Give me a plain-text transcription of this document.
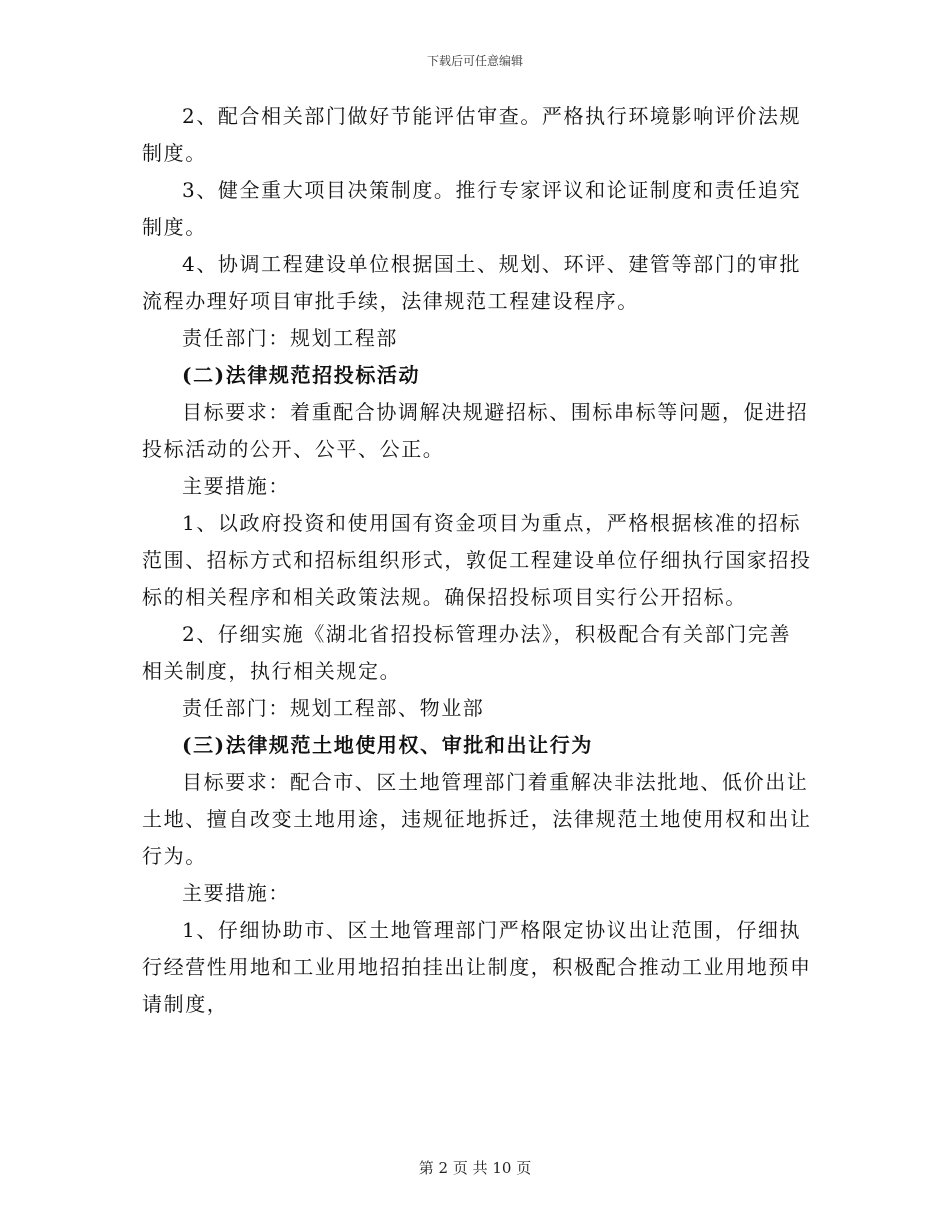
下载后可任意编辑

2、配合相关部门做好节能评估审查。严格执行环境影响评价法规制度。

3、健全重大项目决策制度。推行专家评议和论证制度和责任追究制度。

4、协调工程建设单位根据国土、规划、环评、建管等部门的审批流程办理好项目审批手续，法律规范工程建设程序。

责任部门：规划工程部

(二)法律规范招投标活动

目标要求：着重配合协调解决规避招标、围标串标等问题，促进招投标活动的公开、公平、公正。

主要措施：

1、以政府投资和使用国有资金项目为重点，严格根据核准的招标范围、招标方式和招标组织形式，敦促工程建设单位仔细执行国家招投标的相关程序和相关政策法规。确保招投标项目实行公开招标。

2、仔细实施《湖北省招投标管理办法》，积极配合有关部门完善相关制度，执行相关规定。

责任部门：规划工程部、物业部

(三)法律规范土地使用权、审批和出让行为

目标要求：配合市、区土地管理部门着重解决非法批地、低价出让土地、擅自改变土地用途，违规征地拆迁，法律规范土地使用权和出让行为。

主要措施：

1、仔细协助市、区土地管理部门严格限定协议出让范围，仔细执行经营性用地和工业用地招拍挂出让制度，积极配合推动工业用地预申请制度，

第 2 页 共 10 页
